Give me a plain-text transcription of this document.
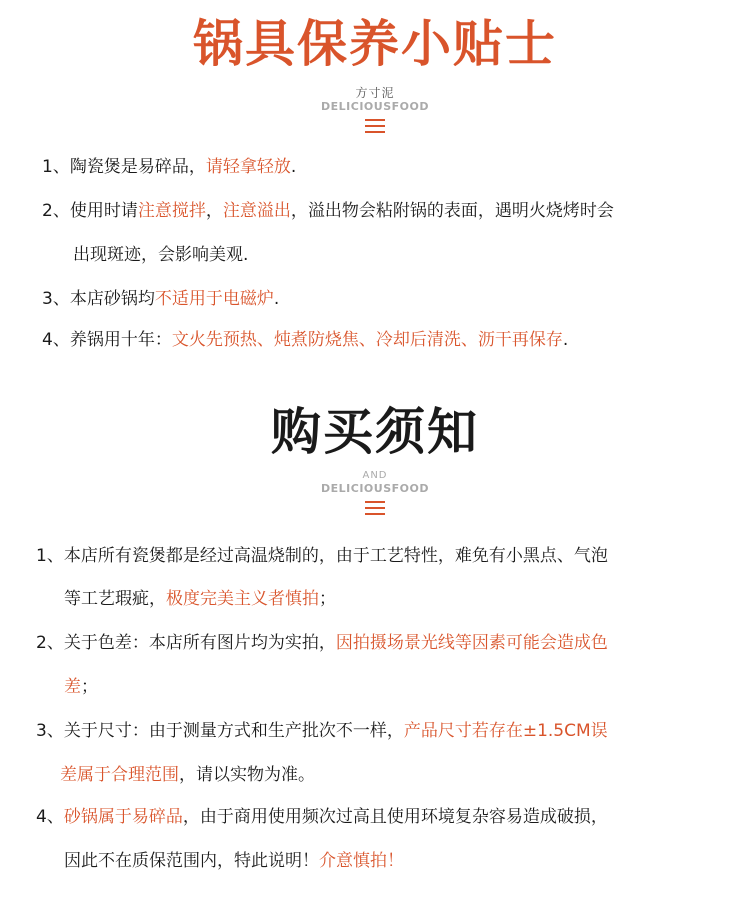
锅具保养小贴士
方寸泥
DELICIOUSFOOD
1、陶瓷煲是易碎品，请轻拿轻放.
2、使用时请注意搅拌，注意溢出，溢出物会粘附锅的表面，遇明火烧烤时会
出现斑迹，会影响美观.
3、本店砂锅均不适用于电磁炉.
4、养锅用十年：文火先预热、炖煮防烧焦、冷却后清洗、沥干再保存.
购买须知
AND
DELICIOUSFOOD
1、本店所有瓷煲都是经过高温烧制的，由于工艺特性，难免有小黑点、气泡
等工艺瑕疵，极度完美主义者慎拍；
2、关于色差：本店所有图片均为实拍，因拍摄场景光线等因素可能会造成色
差；
3、关于尺寸：由于测量方式和生产批次不一样，产品尺寸若存在±1.5CM误
差属于合理范围，请以实物为准。
4、砂锅属于易碎品，由于商用使用频次过高且使用环境复杂容易造成破损，
因此不在质保范围内，特此说明！介意慎拍！
